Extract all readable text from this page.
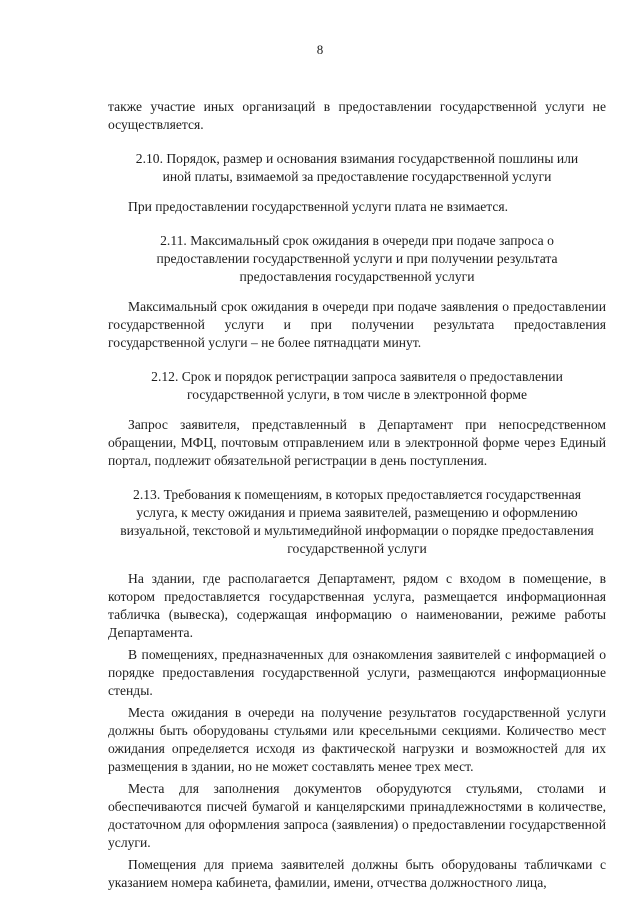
8

также участие иных организаций в предоставлении государственной услуги не осуществляется.

2.10. Порядок, размер и основания взимания государственной пошлины или иной платы, взимаемой за предоставление государственной услуги

При предоставлении государственной услуги плата не взимается.

2.11. Максимальный срок ожидания в очереди при подаче запроса о предоставлении государственной услуги и при получении результата предоставления государственной услуги

Максимальный срок ожидания в очереди при подаче заявления о предоставлении государственной услуги и при получении результата предоставления государственной услуги – не более пятнадцати минут.

2.12. Срок и порядок регистрации запроса заявителя о предоставлении государственной услуги, в том числе в электронной форме

Запрос заявителя, представленный в Департамент при непосредственном обращении, МФЦ, почтовым отправлением или в электронной форме через Единый портал, подлежит обязательной регистрации в день поступления.

2.13. Требования к помещениям, в которых предоставляется государственная услуга, к месту ожидания и приема заявителей, размещению и оформлению визуальной, текстовой и мультимедийной информации о порядке предоставления государственной услуги

На здании, где располагается Департамент, рядом с входом в помещение, в котором предоставляется государственная услуга, размещается информационная табличка (вывеска), содержащая информацию о наименовании, режиме работы Департамента.

В помещениях, предназначенных для ознакомления заявителей с информацией о порядке предоставления государственной услуги, размещаются информационные стенды.

Места ожидания в очереди на получение результатов государственной услуги должны быть оборудованы стульями или кресельными секциями. Количество мест ожидания определяется исходя из фактической нагрузки и возможностей для их размещения в здании, но не может составлять менее трех мест.

Места для заполнения документов оборудуются стульями, столами и обеспечиваются писчей бумагой и канцелярскими принадлежностями в количестве, достаточном для оформления запроса (заявления) о предоставлении государственной услуги.

Помещения для приема заявителей должны быть оборудованы табличками с указанием номера кабинета, фамилии, имени, отчества должностного лица,
